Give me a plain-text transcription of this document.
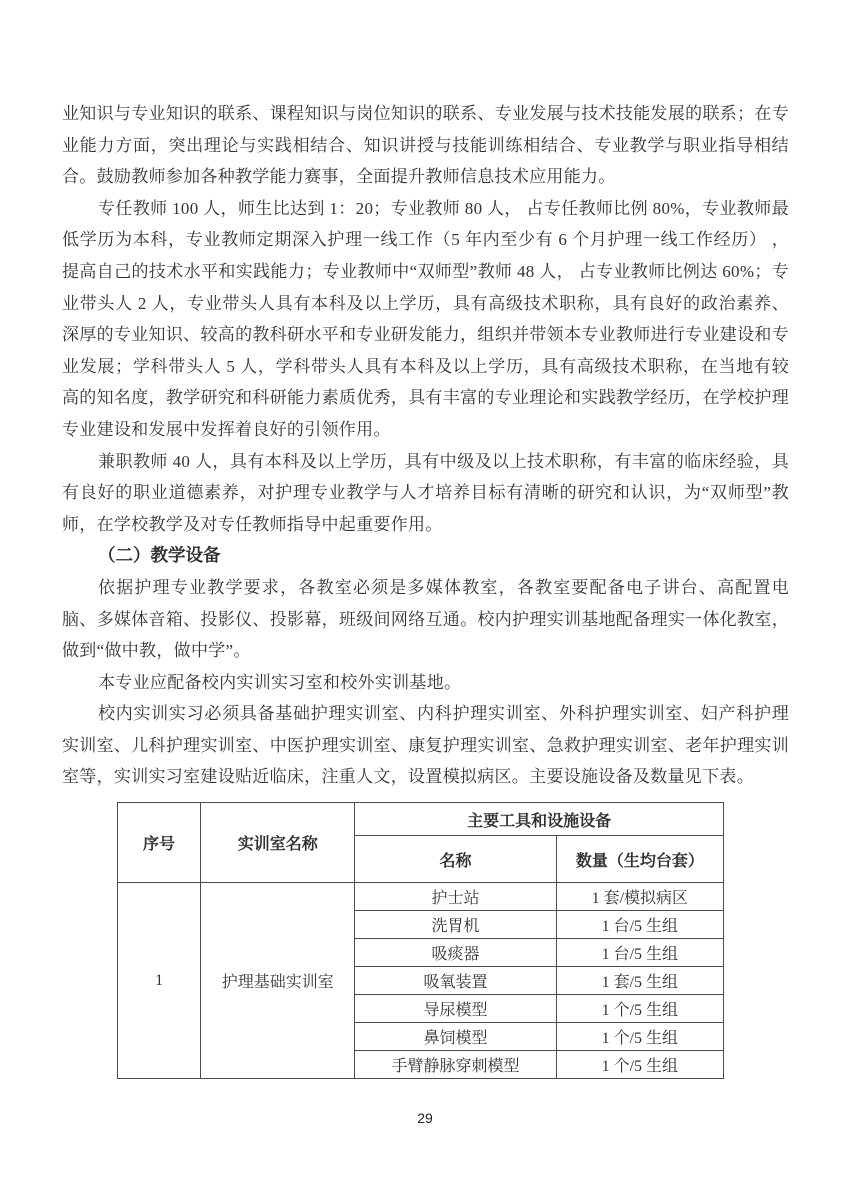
业知识与专业知识的联系、课程知识与岗位知识的联系、专业发展与技术技能发展的联系；在专业能力方面，突出理论与实践相结合、知识讲授与技能训练相结合、专业教学与职业指导相结合。鼓励教师参加各种教学能力赛事，全面提升教师信息技术应用能力。

专任教师 100 人，师生比达到 1：20；专业教师 80 人， 占专任教师比例 80%，专业教师最低学历为本科，专业教师定期深入护理一线工作（5 年内至少有 6 个月护理一线工作经历） ，提高自己的技术水平和实践能力；专业教师中“双师型”教师 48 人， 占专业教师比例达 60%；专业带头人 2 人，专业带头人具有本科及以上学历，具有高级技术职称，具有良好的政治素养、深厚的专业知识、较高的教科研水平和专业研发能力，组织并带领本专业教师进行专业建设和专业发展；学科带头人 5 人，学科带头人具有本科及以上学历，具有高级技术职称，在当地有较高的知名度，教学研究和科研能力素质优秀，具有丰富的专业理论和实践教学经历，在学校护理专业建设和发展中发挥着良好的引领作用。

兼职教师 40 人，具有本科及以上学历，具有中级及以上技术职称，有丰富的临床经验，具有良好的职业道德素养，对护理专业教学与人才培养目标有清晰的研究和认识，为“双师型”教师，在学校教学及对专任教师指导中起重要作用。

（二）教学设备

依据护理专业教学要求，各教室必须是多媒体教室，各教室要配备电子讲台、高配置电脑、多媒体音箱、投影仪、投影幕，班级间网络互通。校内护理实训基地配备理实一体化教室，做到“做中教，做中学”。

本专业应配备校内实训实习室和校外实训基地。

校内实训实习必须具备基础护理实训室、内科护理实训室、外科护理实训室、妇产科护理实训室、儿科护理实训室、中医护理实训室、康复护理实训室、急救护理实训室、老年护理实训室等，实训实习室建设贴近临床，注重人文，设置模拟病区。主要设施设备及数量见下表。

序号	实训室名称	主要工具和设施设备	
		名称	数量（生均台套）
1	护理基础实训室	护士站	1 套/模拟病区
		洗胃机	1 台/5 生组
		吸痰器	1 台/5 生组
		吸氧装置	1 套/5 生组
		导尿模型	1 个/5 生组
		鼻饲模型	1 个/5 生组
		手臂静脉穿刺模型	1 个/5 生组
29
